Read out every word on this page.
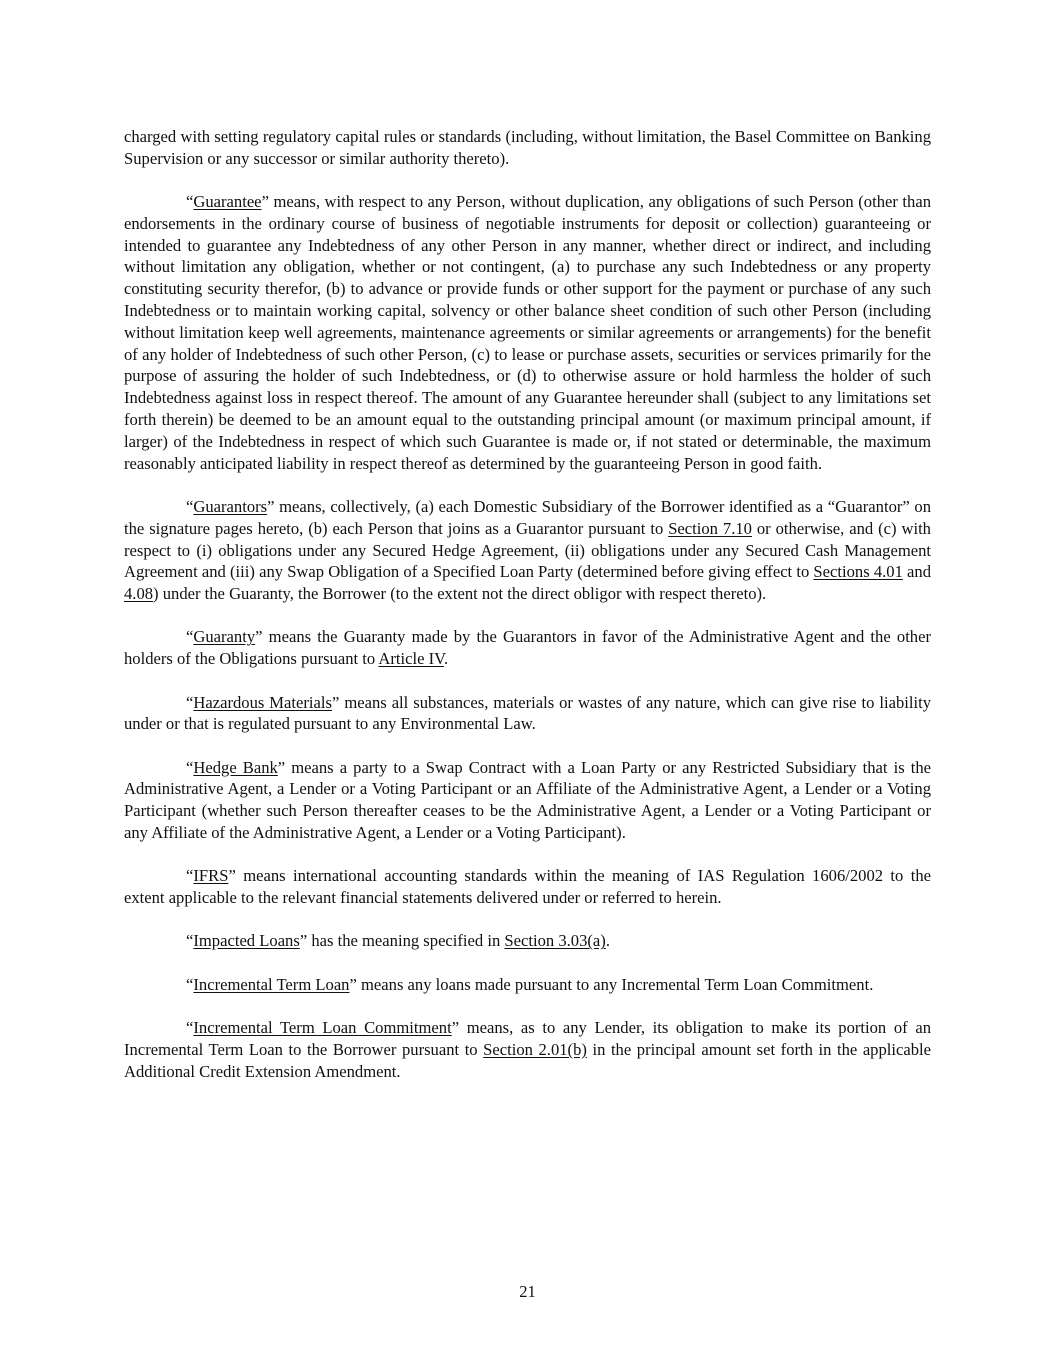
charged with setting regulatory capital rules or standards (including, without limitation, the Basel Committee on Banking Supervision or any successor or similar authority thereto).

“Guarantee” means, with respect to any Person, without duplication, any obligations of such Person (other than endorsements in the ordinary course of business of negotiable instruments for deposit or collection) guaranteeing or intended to guarantee any Indebtedness of any other Person in any manner, whether direct or indirect, and including without limitation any obligation, whether or not contingent, (a) to purchase any such Indebtedness or any property constituting security therefor, (b) to advance or provide funds or other support for the payment or purchase of any such Indebtedness or to maintain working capital, solvency or other balance sheet condition of such other Person (including without limitation keep well agreements, maintenance agreements or similar agreements or arrangements) for the benefit of any holder of Indebtedness of such other Person, (c) to lease or purchase assets, securities or services primarily for the purpose of assuring the holder of such Indebtedness, or (d) to otherwise assure or hold harmless the holder of such Indebtedness against loss in respect thereof. The amount of any Guarantee hereunder shall (subject to any limitations set forth therein) be deemed to be an amount equal to the outstanding principal amount (or maximum principal amount, if larger) of the Indebtedness in respect of which such Guarantee is made or, if not stated or determinable, the maximum reasonably anticipated liability in respect thereof as determined by the guaranteeing Person in good faith.

“Guarantors” means, collectively, (a) each Domestic Subsidiary of the Borrower identified as a “Guarantor” on the signature pages hereto, (b) each Person that joins as a Guarantor pursuant to Section 7.10 or otherwise, and (c) with respect to (i) obligations under any Secured Hedge Agreement, (ii) obligations under any Secured Cash Management Agreement and (iii) any Swap Obligation of a Specified Loan Party (determined before giving effect to Sections 4.01 and 4.08) under the Guaranty, the Borrower (to the extent not the direct obligor with respect thereto).

“Guaranty” means the Guaranty made by the Guarantors in favor of the Administrative Agent and the other holders of the Obligations pursuant to Article IV.

“Hazardous Materials” means all substances, materials or wastes of any nature, which can give rise to liability under or that is regulated pursuant to any Environmental Law.

“Hedge Bank” means a party to a Swap Contract with a Loan Party or any Restricted Subsidiary that is the Administrative Agent, a Lender or a Voting Participant or an Affiliate of the Administrative Agent, a Lender or a Voting Participant (whether such Person thereafter ceases to be the Administrative Agent, a Lender or a Voting Participant or any Affiliate of the Administrative Agent, a Lender or a Voting Participant).

“IFRS” means international accounting standards within the meaning of IAS Regulation 1606/2002 to the extent applicable to the relevant financial statements delivered under or referred to herein.

“Impacted Loans” has the meaning specified in Section 3.03(a).

“Incremental Term Loan” means any loans made pursuant to any Incremental Term Loan Commitment.

“Incremental Term Loan Commitment” means, as to any Lender, its obligation to make its portion of an Incremental Term Loan to the Borrower pursuant to Section 2.01(b) in the principal amount set forth in the applicable Additional Credit Extension Amendment.

21
